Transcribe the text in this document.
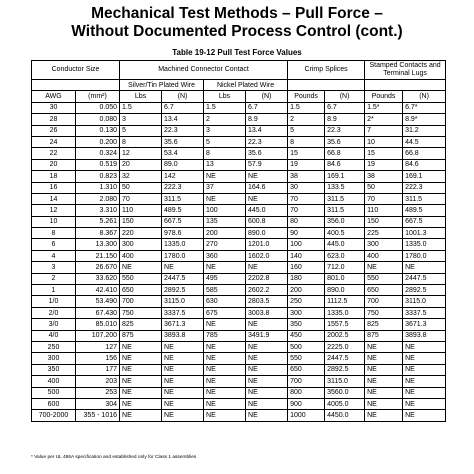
Mechanical Test Methods – Pull Force –
Without Documented Process Control (cont.)
Table 19-12 Pull Test Force Values
Conductor Size		Machined Connector Contact				Crimp Splices		Stamped Contacts and Terminal Lugs	
		Silver/Tin Plated Wire		Nickel Plated Wire					
AWG	(mm²)	Lbs	(N)	Lbs	(N)	Pounds	(N)	Pounds	(N)
30	0.050	1.5	6.7	1.5	6.7	1.5	6.7	1.5*	6.7*
28	0.080	3	13.4	2	8.9	2	8.9	2*	8.9*
26	0.130	5	22.3	3	13.4	5	22.3	7	31.2
24	0.200	8	35.6	5	22.3	8	35.6	10	44.5
22	0.324	12	53.4	8	35.6	15	66.8	15	66.8
20	0.519	20	89.0	13	57.9	19	84.6	19	84.6
18	0.823	32	142	NE	NE	38	169.1	38	169.1
16	1.310	50	222.3	37	164.6	30	133.5	50	222.3
14	2.080	70	311.5	NE	NE	70	311.5	70	311.5
12	3.310	110	489.5	100	445.0	70	311.5	110	489.5
10	5.261	150	667.5	135	600.8	80	356.0	150	667.5
8	8.367	220	978.6	200	890.0	90	400.5	225	1001.3
6	13.300	300	1335.0	270	1201.0	100	445.0	300	1335.0
4	21.150	400	1780.0	360	1602.0	140	623.0	400	1780.0
3	26.670	NE	NE	NE	NE	160	712.0	NE	NE
2	33.620	550	2447.5	495	2202.8	180	801.0	550	2447.5
1	42.410	650	2892.5	585	2602.2	200	890.0	650	2892.5
1/0	53.490	700	3115.0	630	2803.5	250	1112.5	700	3115.0
2/0	67.430	750	3337.5	675	3003.8	300	1335.0	750	3337.5
3/0	85.010	825	3671.3	NE	NE	350	1557.5	825	3671.3
4/0	107.200	875	3893.8	785	3491.9	450	2002.5	875	3893.8
250	127	NE	NE	NE	NE	500	2225.0	NE	NE
300	156	NE	NE	NE	NE	550	2447.5	NE	NE
350	177	NE	NE	NE	NE	650	2892.5	NE	NE
400	203	NE	NE	NE	NE	700	3115.0	NE	NE
500	253	NE	NE	NE	NE	800	3560.0	NE	NE
600	304	NE	NE	NE	NE	900	4005.0	NE	NE
700-2000	355 - 1016	NE	NE	NE	NE	1000	4450.0	NE	NE
* Value per UL 486A specification and established only for Class 1 assemblies
